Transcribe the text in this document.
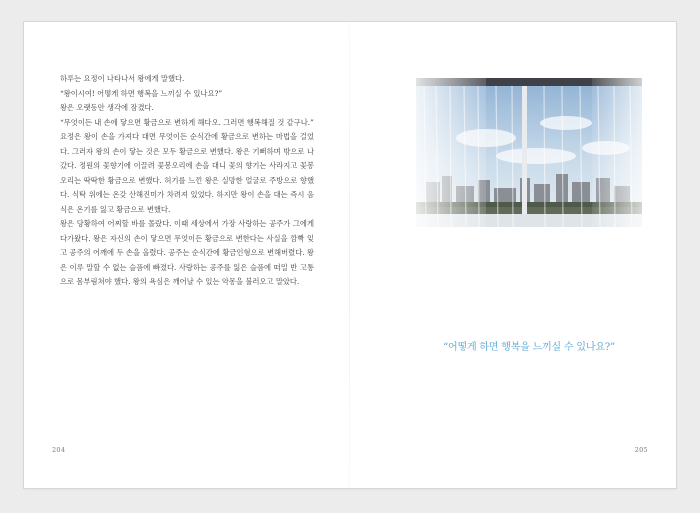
하루는 요정이 나타나서 왕에게 말했다.

“왕이시여! 어떻게 하면 행복을 느끼실 수 있나요?”

왕은 오랫동안 생각에 잠겼다.

“무엇이든 내 손에 닿으면 황금으로 변하게 해다오. 그러면 행복해질 것 같구나.”

요정은 왕이 손을 가져다 대면 무엇이든 순식간에 황금으로 변하는 마법을 걸었다. 그러자 왕의 손이 닿는 것은 모두 황금으로 변했다. 왕은 기뻐하며 밖으로 나갔다. 정원의 꽃향기에 이끌려 꽃봉오리에 손을 대니 꽃의 향기는 사라지고 꽃봉오리는 딱딱한 황금으로 변했다. 허기를 느낀 왕은 실망한 얼굴로 주방으로 향했다. 식탁 위에는 온갖 산해진미가 차려져 있었다. 하지만 왕이 손을 대는 즉시 음식은 온기를 잃고 황금으로 변했다.

왕은 당황하여 어찌할 바를 몰랐다. 이때 세상에서 가장 사랑하는 공주가 그에게 다가왔다. 왕은 자신의 손이 닿으면 무엇이든 황금으로 변한다는 사실을 깜빡 잊고 공주의 어깨에 두 손을 올렸다. 공주는 순식간에 황금인형으로 변해버렸다. 왕은 이루 말할 수 없는 슬픔에 빠졌다. 사랑하는 공주를 잃은 슬픔에 떠밀 반 고통으로 몸부림쳐야 했다. 왕의 욕심은 깨어날 수 있는 악몽을 불러오고 말았다.

204
“어떻게 하면 행복을 느끼실 수 있나요?”
205
